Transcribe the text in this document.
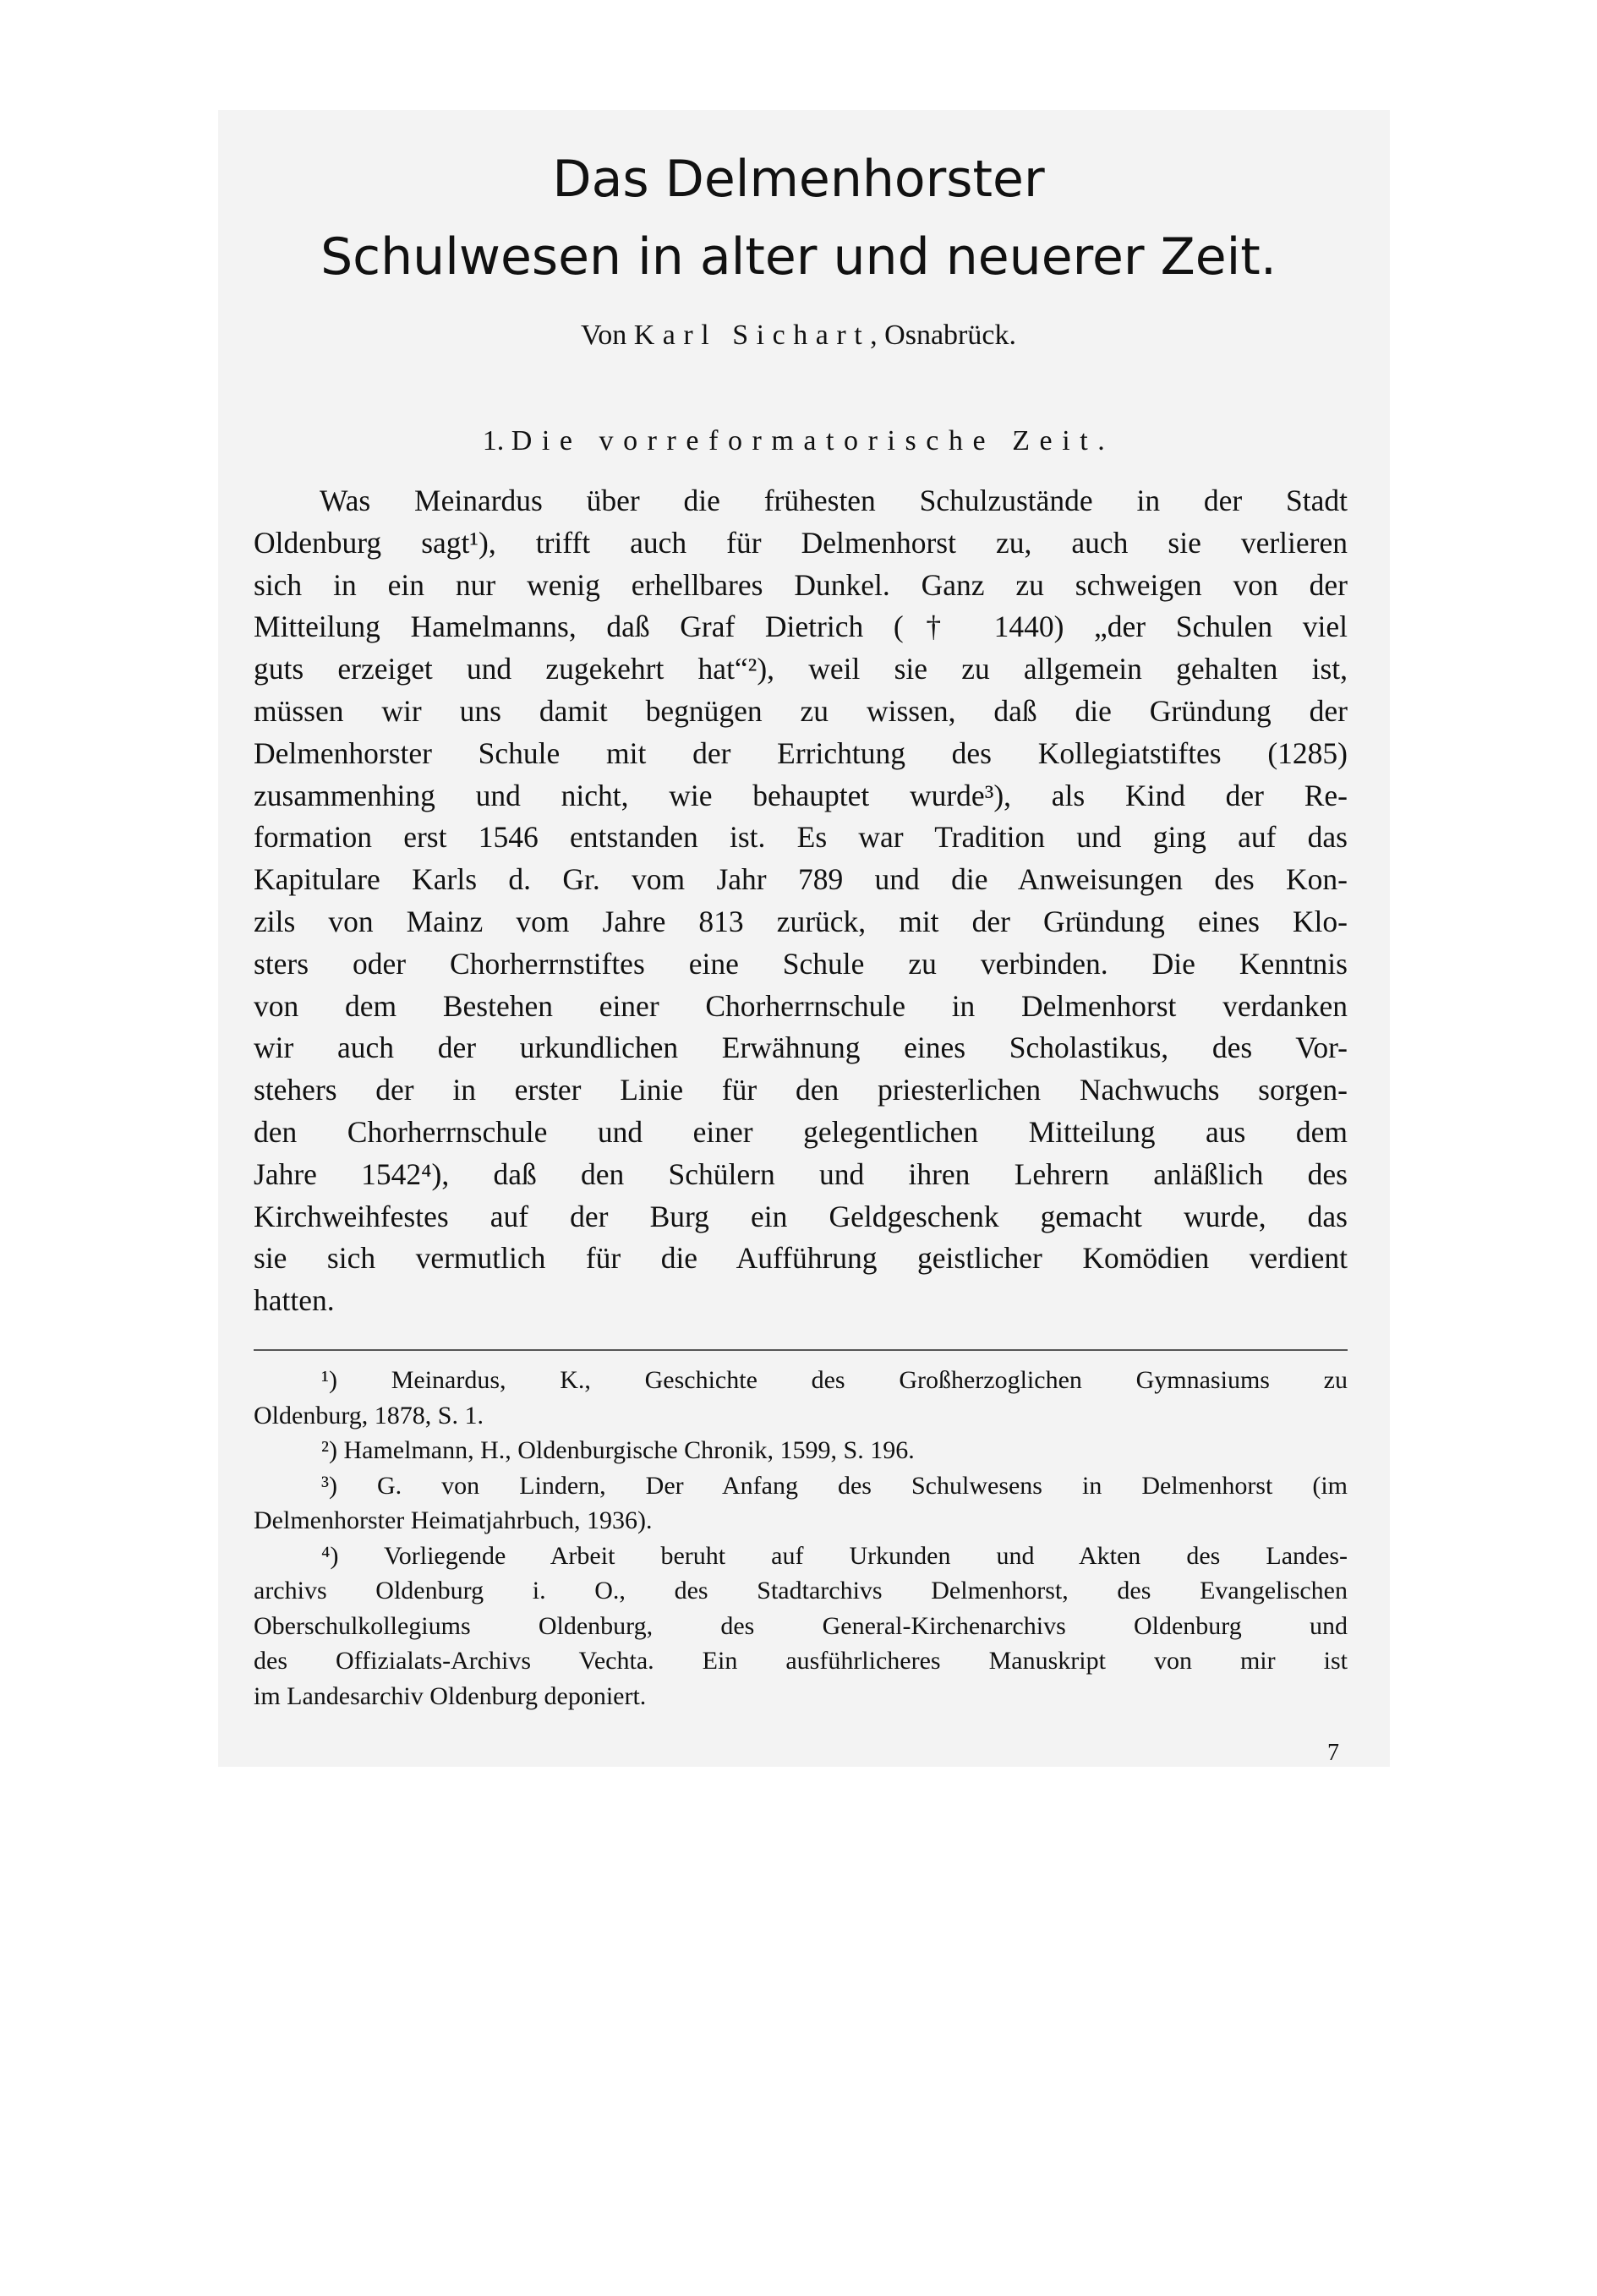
Das Delmenhorster
Schulwesen in alter und neuerer Zeit.
Von Karl Sichart, Osnabrück.
1. Die vorreformatorische Zeit.
Was Meinardus über die frühesten Schulzustände in der Stadt
Oldenburg sagt¹), trifft auch für Delmenhorst zu, auch sie verlieren
sich in ein nur wenig erhellbares Dunkel. Ganz zu schweigen von der
Mitteilung Hamelmanns, daß Graf Dietrich († 1440) „der Schulen viel
guts erzeiget und zugekehrt hat“²), weil sie zu allgemein gehalten ist,
müssen wir uns damit begnügen zu wissen, daß die Gründung der
Delmenhorster Schule mit der Errichtung des Kollegiatstiftes (1285)
zusammenhing und nicht, wie behauptet wurde³), als Kind der Re-
formation erst 1546 entstanden ist. Es war Tradition und ging auf das
Kapitulare Karls d. Gr. vom Jahr 789 und die Anweisungen des Kon-
zils von Mainz vom Jahre 813 zurück, mit der Gründung eines Klo-
sters oder Chorherrnstiftes eine Schule zu verbinden. Die Kenntnis
von dem Bestehen einer Chorherrnschule in Delmenhorst verdanken
wir auch der urkundlichen Erwähnung eines Scholastikus, des Vor-
stehers der in erster Linie für den priesterlichen Nachwuchs sorgen-
den Chorherrnschule und einer gelegentlichen Mitteilung aus dem
Jahre 1542⁴), daß den Schülern und ihren Lehrern anläßlich des
Kirchweihfestes auf der Burg ein Geldgeschenk gemacht wurde, das
sie sich vermutlich für die Aufführung geistlicher Komödien verdient
hatten.
¹) Meinardus, K., Geschichte des Großherzoglichen Gymnasiums zu
Oldenburg, 1878, S. 1.
²) Hamelmann, H., Oldenburgische Chronik, 1599, S. 196.
³) G. von Lindern, Der Anfang des Schulwesens in Delmenhorst (im
Delmenhorster Heimatjahrbuch, 1936).
⁴) Vorliegende Arbeit beruht auf Urkunden und Akten des Landes-
archivs Oldenburg i. O., des Stadtarchivs Delmenhorst, des Evangelischen
Oberschulkollegiums Oldenburg, des General-Kirchenarchivs Oldenburg und
des Offizialats-Archivs Vechta. Ein ausführlicheres Manuskript von mir ist
im Landesarchiv Oldenburg deponiert.
7
